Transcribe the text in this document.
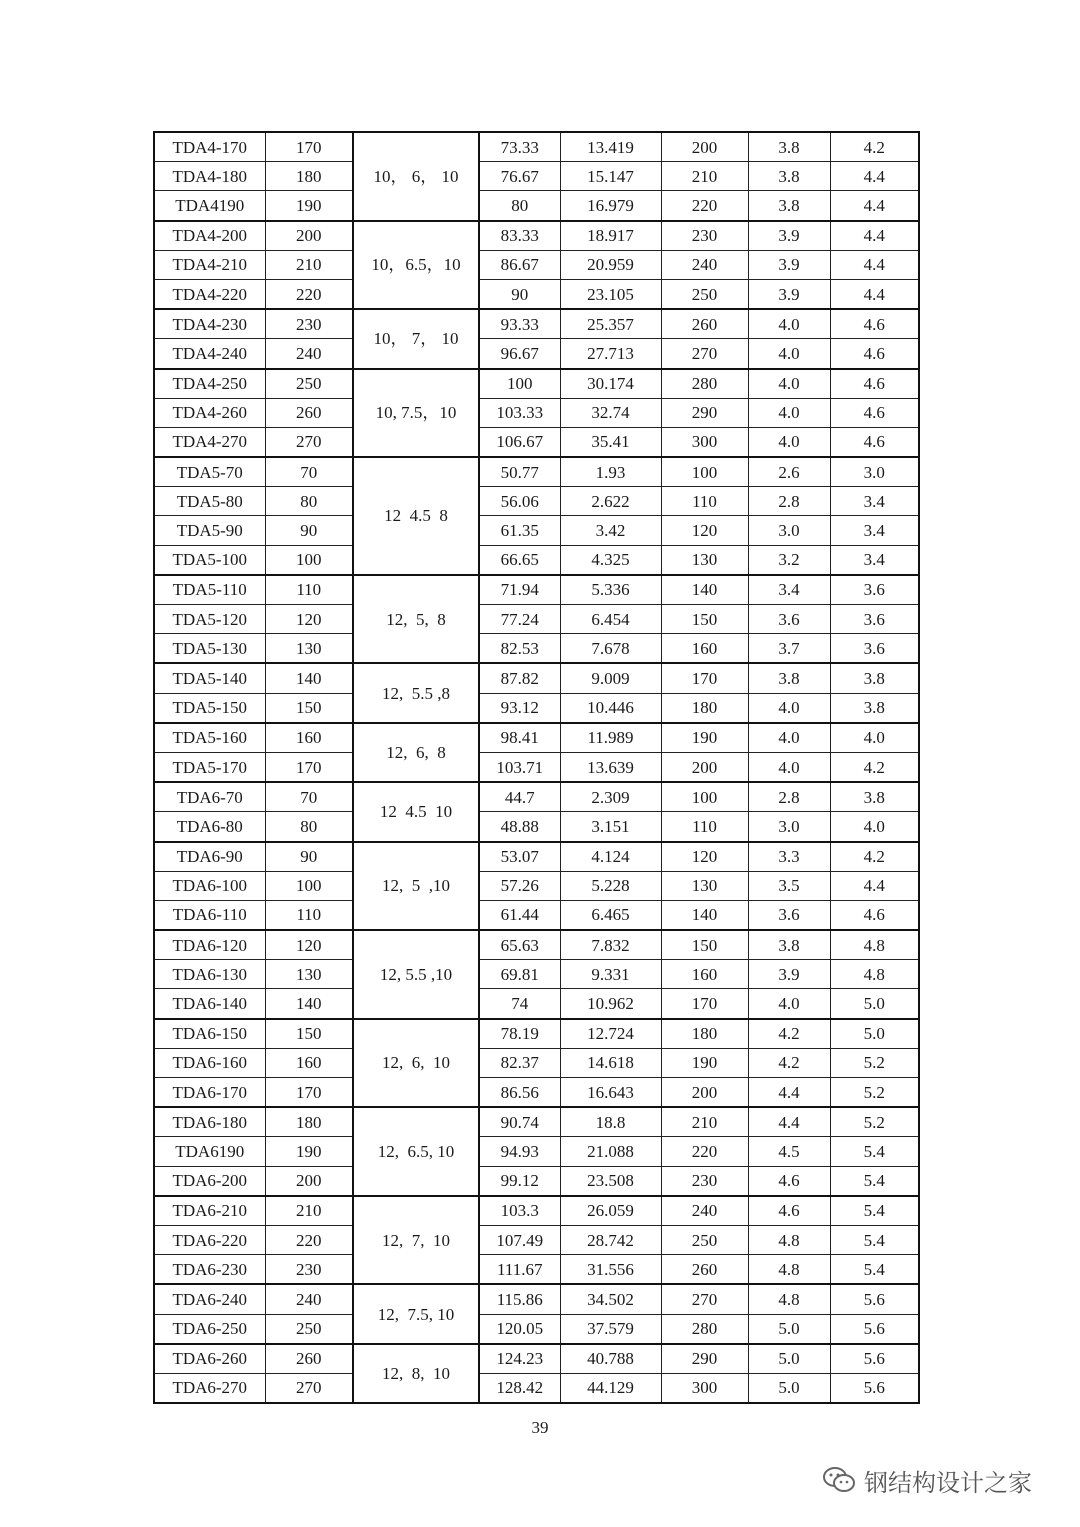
TDA4-170	170	10， 6， 10	73.33	13.419	200	3.8	4.2
TDA4-180	180		76.67	15.147	210	3.8	4.4
TDA4190	190		80	16.979	220	3.8	4.4
TDA4-200	200	10，6.5，10	83.33	18.917	230	3.9	4.4
TDA4-210	210		86.67	20.959	240	3.9	4.4
TDA4-220	220		90	23.105	250	3.9	4.4
TDA4-230	230	10， 7， 10	93.33	25.357	260	4.0	4.6
TDA4-240	240		96.67	27.713	270	4.0	4.6
TDA4-250	250	10, 7.5，10	100	30.174	280	4.0	4.6
TDA4-260	260		103.33	32.74	290	4.0	4.6
TDA4-270	270		106.67	35.41	300	4.0	4.6
TDA5-70	70	12  4.5  8	50.77	1.93	100	2.6	3.0
TDA5-80	80		56.06	2.622	110	2.8	3.4
TDA5-90	90		61.35	3.42	120	3.0	3.4
TDA5-100	100		66.65	4.325	130	3.2	3.4
TDA5-110	110	12,  5,  8	71.94	5.336	140	3.4	3.6
TDA5-120	120		77.24	6.454	150	3.6	3.6
TDA5-130	130		82.53	7.678	160	3.7	3.6
TDA5-140	140	12,  5.5 ,8	87.82	9.009	170	3.8	3.8
TDA5-150	150		93.12	10.446	180	4.0	3.8
TDA5-160	160	12,  6,  8	98.41	11.989	190	4.0	4.0
TDA5-170	170		103.71	13.639	200	4.0	4.2
TDA6-70	70	12  4.5  10	44.7	2.309	100	2.8	3.8
TDA6-80	80		48.88	3.151	110	3.0	4.0
TDA6-90	90	12,  5  ,10	53.07	4.124	120	3.3	4.2
TDA6-100	100		57.26	5.228	130	3.5	4.4
TDA6-110	110		61.44	6.465	140	3.6	4.6
TDA6-120	120	12, 5.5 ,10	65.63	7.832	150	3.8	4.8
TDA6-130	130		69.81	9.331	160	3.9	4.8
TDA6-140	140		74	10.962	170	4.0	5.0
TDA6-150	150	12,  6,  10	78.19	12.724	180	4.2	5.0
TDA6-160	160		82.37	14.618	190	4.2	5.2
TDA6-170	170		86.56	16.643	200	4.4	5.2
TDA6-180	180	12,  6.5, 10	90.74	18.8	210	4.4	5.2
TDA6190	190		94.93	21.088	220	4.5	5.4
TDA6-200	200		99.12	23.508	230	4.6	5.4
TDA6-210	210	12,  7,  10	103.3	26.059	240	4.6	5.4
TDA6-220	220		107.49	28.742	250	4.8	5.4
TDA6-230	230		111.67	31.556	260	4.8	5.4
TDA6-240	240	12,  7.5, 10	115.86	34.502	270	4.8	5.6
TDA6-250	250		120.05	37.579	280	5.0	5.6
TDA6-260	260	12,  8,  10	124.23	40.788	290	5.0	5.6
TDA6-270	270		128.42	44.129	300	5.0	5.6
39
钢结构设计之家
